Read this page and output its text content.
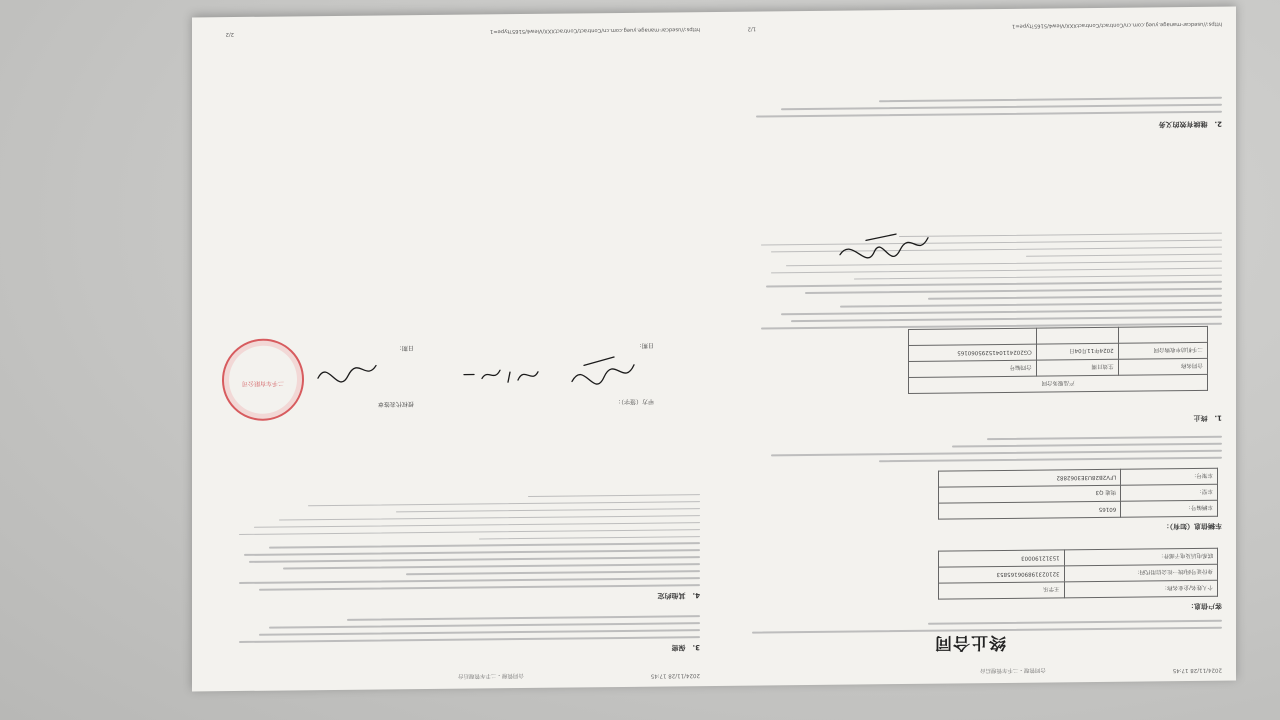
2024/11/28 17:45
合同管理 - 二手车管理后台
终止合同
客户信息：
个人姓名/企业名称：	王学乐
身份证号码/统一社会信用代码：	321023198906165853
联系电话及电子邮件：	15312190003
车辆信息（如有）：
车辆编号：	60165
车型：	奥迪 Q3
车架号：	LFV2B28U3E3062882
1.　终止
产品服务合同		
合同名称	生效日期	合同编号
二手机动车收购合同	2024年11月04日	CG2024110415295060165

2.　继续有效的义务
https://usedcar-manage.yueg.com.cn/Contract/ContractXXX/View4/5165?type=1
1/2
2024/11/28 17:45
合同管理 - 二手车管理后台
3.　保密
4.　其他约定
甲方（签字）：
日期：
授权代表签章
二手车有限公司
日期：
https://usedcar-manage.yueg.com.cn/Contract/ContractXXX/View4/5165?type=1
2/2
